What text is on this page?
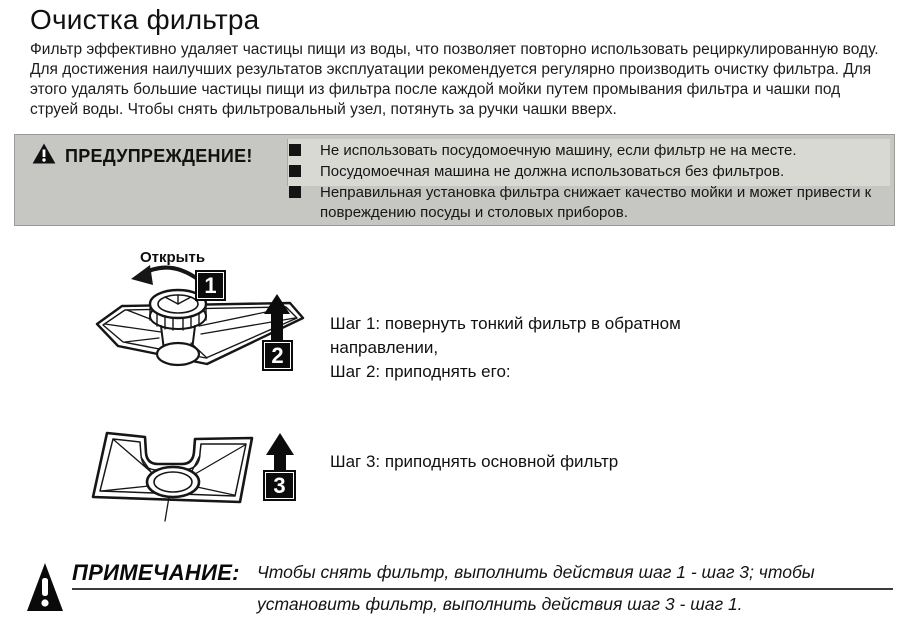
Очистка фильтра

Фильтр эффективно удаляет частицы пищи из воды, что позволяет повторно использовать рециркулированную воду. Для достижения наилучших результатов эксплуатации рекомендуется регулярно производить очистку фильтра. Для этого удалять большие частицы пищи из фильтра после каждой мойки путем промывания фильтра и чашки под струей воды. Чтобы снять фильтровальный узел, потянуть за ручки чашки вверх.

ПРЕДУПРЕЖДЕНИЕ!	Не использовать посудомоечную машину, если фильтр не на месте.
Посудомоечная машина не должна использоваться без фильтров.
Неправильная установка фильтра снижает качество мойки и может привести к повреждению посуды и столовых приборов.
Открыть
1
2
Шаг 1: повернуть тонкий фильтр в обратном направлении,
Шаг 2: приподнять его:
3
Шаг 3: приподнять основной фильтр
ПРИМЕЧАНИЕ: Чтобы снять фильтр, выполнить действия шаг 1 - шаг 3; чтобы
установить фильтр, выполнить действия шаг 3 - шаг 1.
